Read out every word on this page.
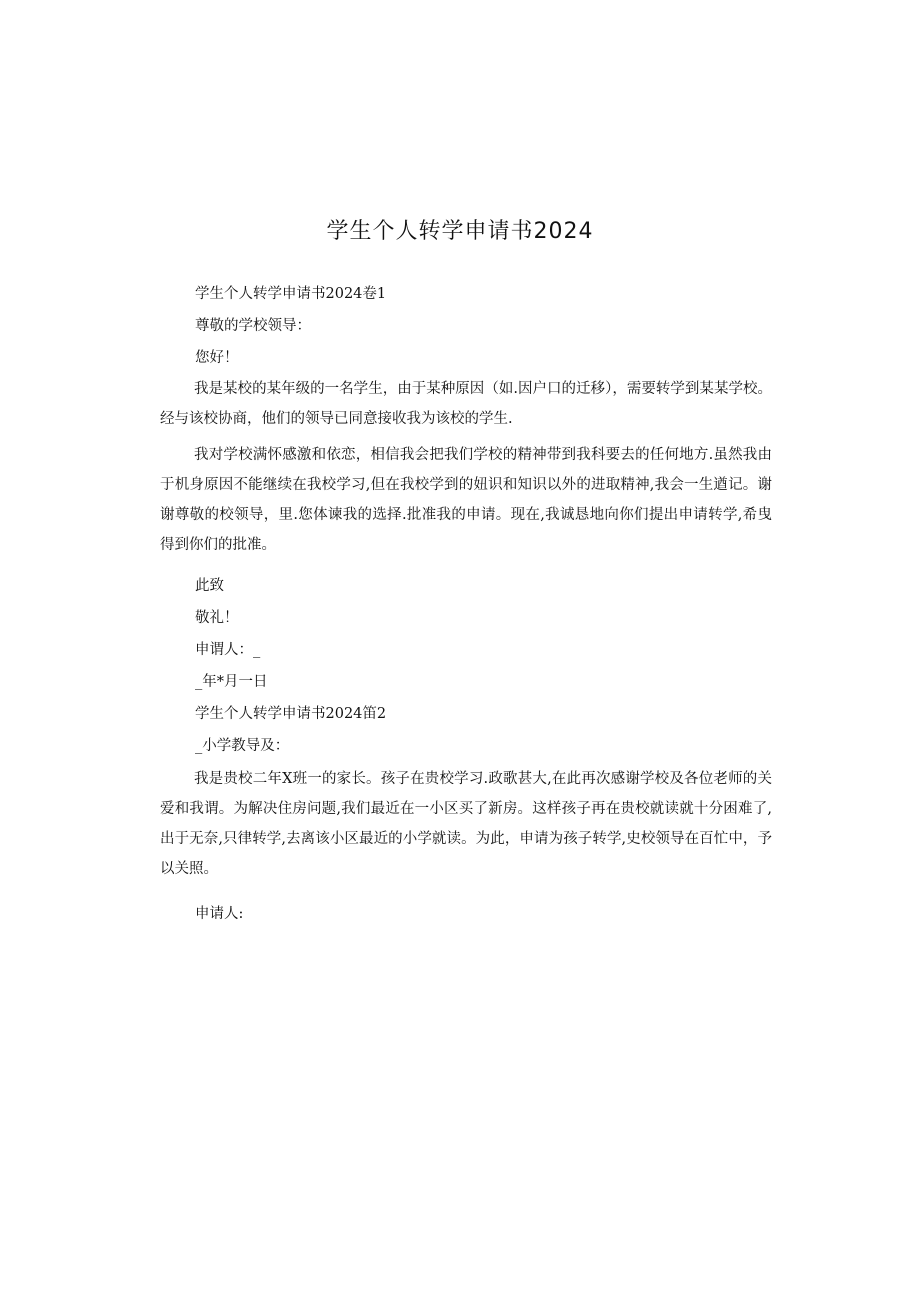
学生个人转学申请书2024
学生个人转学申请书2024卷1
尊敬的学校领导：
您好！
我是某校的某年级的一名学生，由于某种原因（如.因户口的迁移），需要转学到某某学校。经与该校协商，他们的领导已同意接收我为该校的学生.
我对学校满怀感激和依恋，相信我会把我们学校的精神带到我科要去的任何地方.虽然我由于机身原因不能继续在我校学习,但在我校学到的妞识和知识以外的进取精神,我会一生遒记。谢谢尊敬的校领导，里.您体谏我的选择.批准我的申请。现在,我诚恳地向你们提出申请转学,希曳得到你们的批准。
此致
敬礼！
申谓人：_
_年*月一日
学生个人转学申请书2024笛2
_小学教导及：
我是贵校二年X班一的家长。孩子在贵校学习.政歌甚大,在此再次感谢学校及各位老师的关爱和我谓。为解决住房问题,我们最近在一小区买了新房。这样孩子再在贵校就读就十分困难了,出于无奈,只律转学,去离该小区最近的小学就读。为此，申请为孩子转学,史校领导在百忙中，予以关照。
申请人:
